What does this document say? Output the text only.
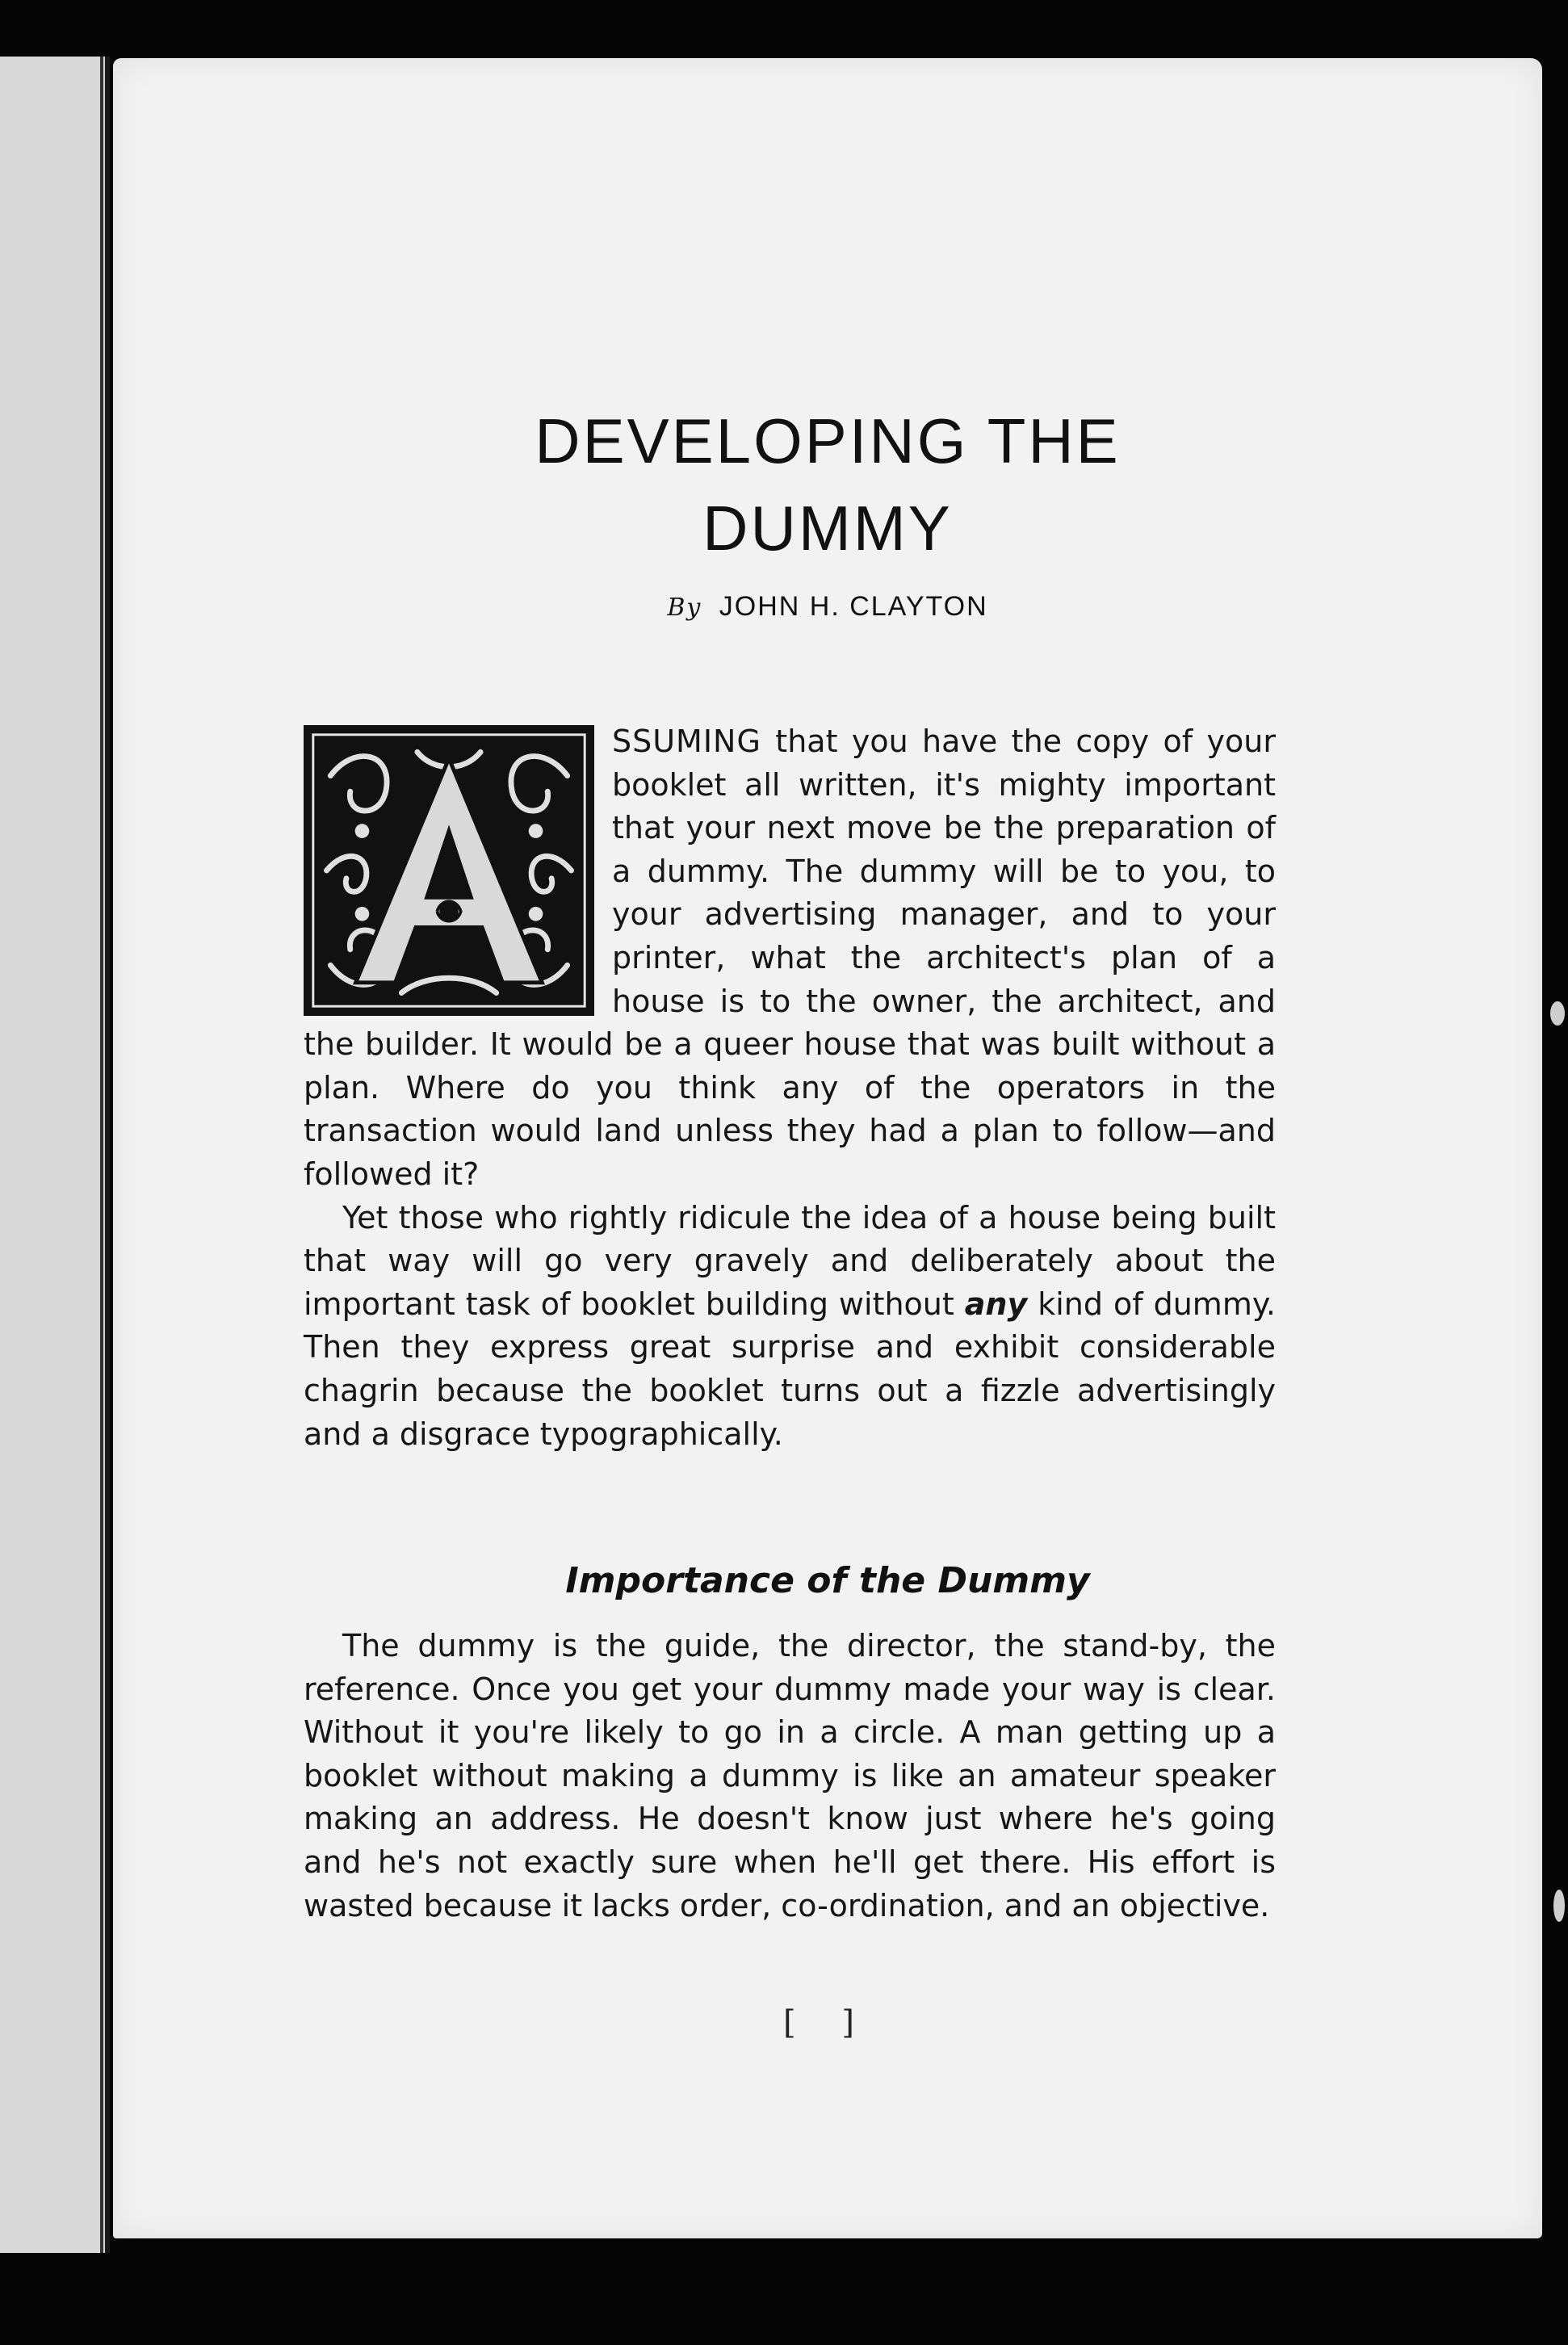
DEVELOPING THE
DUMMY
By JOHN H. CLAYTON

SSUMING that you have the copy of your booklet all written, it's mighty important that your next move be the preparation of a dummy. The dummy will be to you, to your advertising manager, and to your printer, what the architect's plan of a house is to the owner, the architect, and the builder. It would be a queer house that was built without a plan. Where do you think any of the operators in the transaction would land unless they had a plan to follow—and followed it?

Yet those who rightly ridicule the idea of a house being built that way will go very gravely and deliberately about the important task of booklet building without any kind of dummy. Then they express great surprise and exhibit considerable chagrin because the booklet turns out a fizzle advertisingly and a disgrace typographically.

Importance of the Dummy

The dummy is the guide, the director, the stand-by, the reference. Once you get your dummy made your way is clear. Without it you're likely to go in a circle. A man getting up a booklet without making a dummy is like an amateur speaker making an address. He doesn't know just where he's going and he's not exactly sure when he'll get there. His effort is wasted because it lacks order, co-ordination, and an objective.

[ ]
